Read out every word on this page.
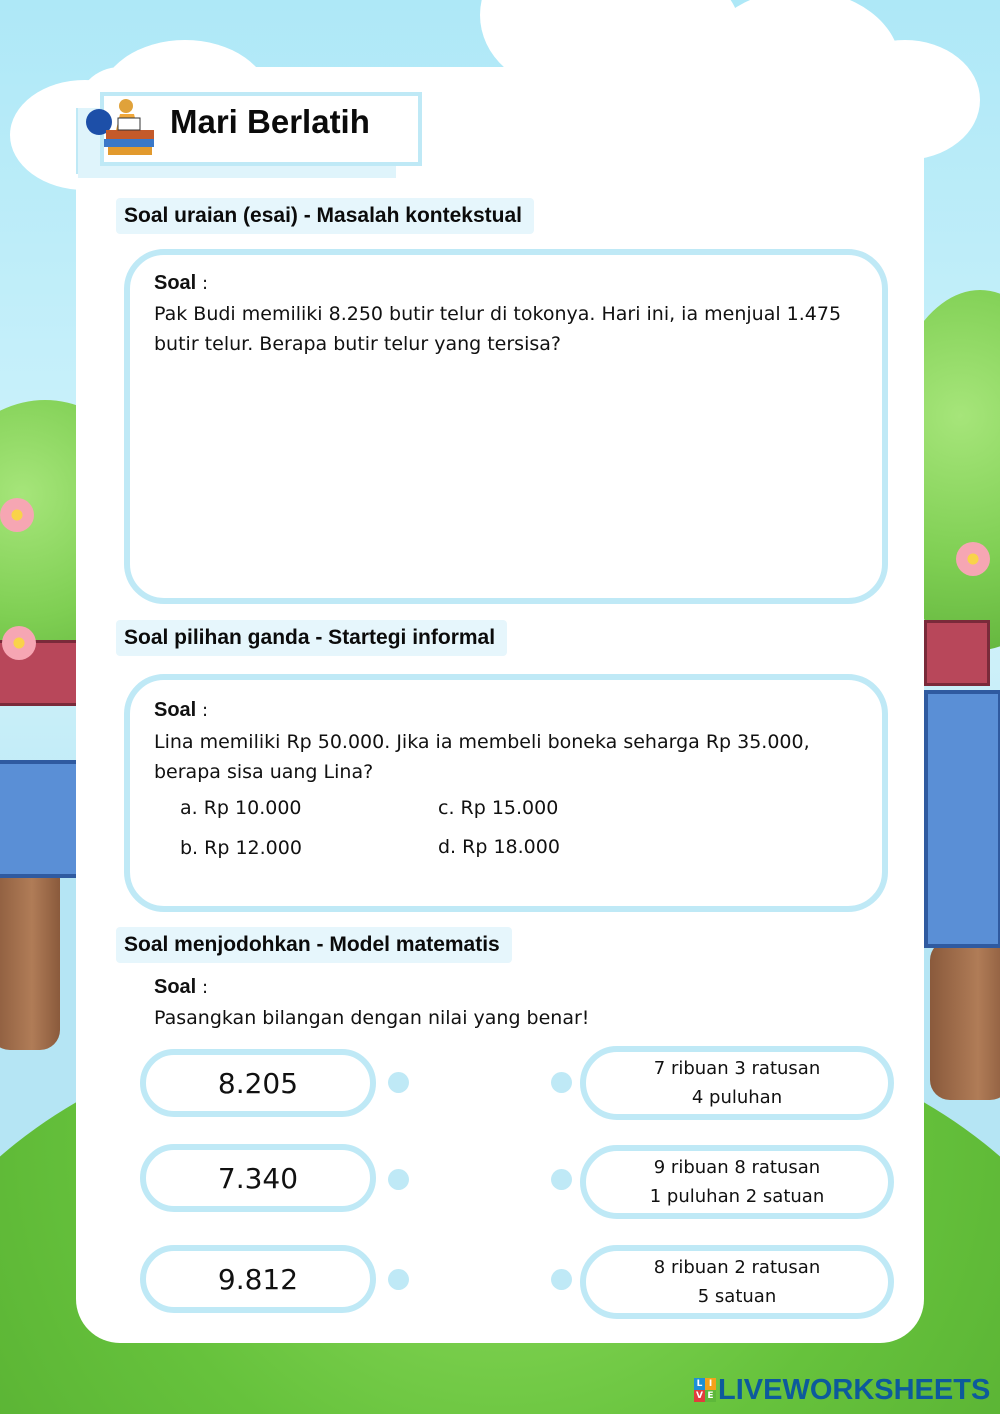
Mari Berlatih
Soal uraian (esai) - Masalah kontekstual
Soal :
Pak Budi memiliki 8.250 butir telur di tokonya. Hari ini, ia menjual 1.475 butir telur. Berapa butir telur yang tersisa?
Soal pilihan ganda - Startegi informal
Soal :
Lina memiliki Rp 50.000. Jika ia membeli boneka seharga Rp 35.000, berapa sisa uang Lina?
a. Rp 10.000
b. Rp 12.000
c. Rp 15.000
d. Rp 18.000
Soal menjodohkan - Model matematis
Soal :
Pasangkan bilangan dengan nilai yang benar!
8.205
7.340
9.812
7 ribuan 3 ratusan
4 puluhan
9 ribuan 8 ratusan
1 puluhan 2 satuan
8 ribuan 2 ratusan
5 satuan
L I
V E LIVEWORKSHEETS
